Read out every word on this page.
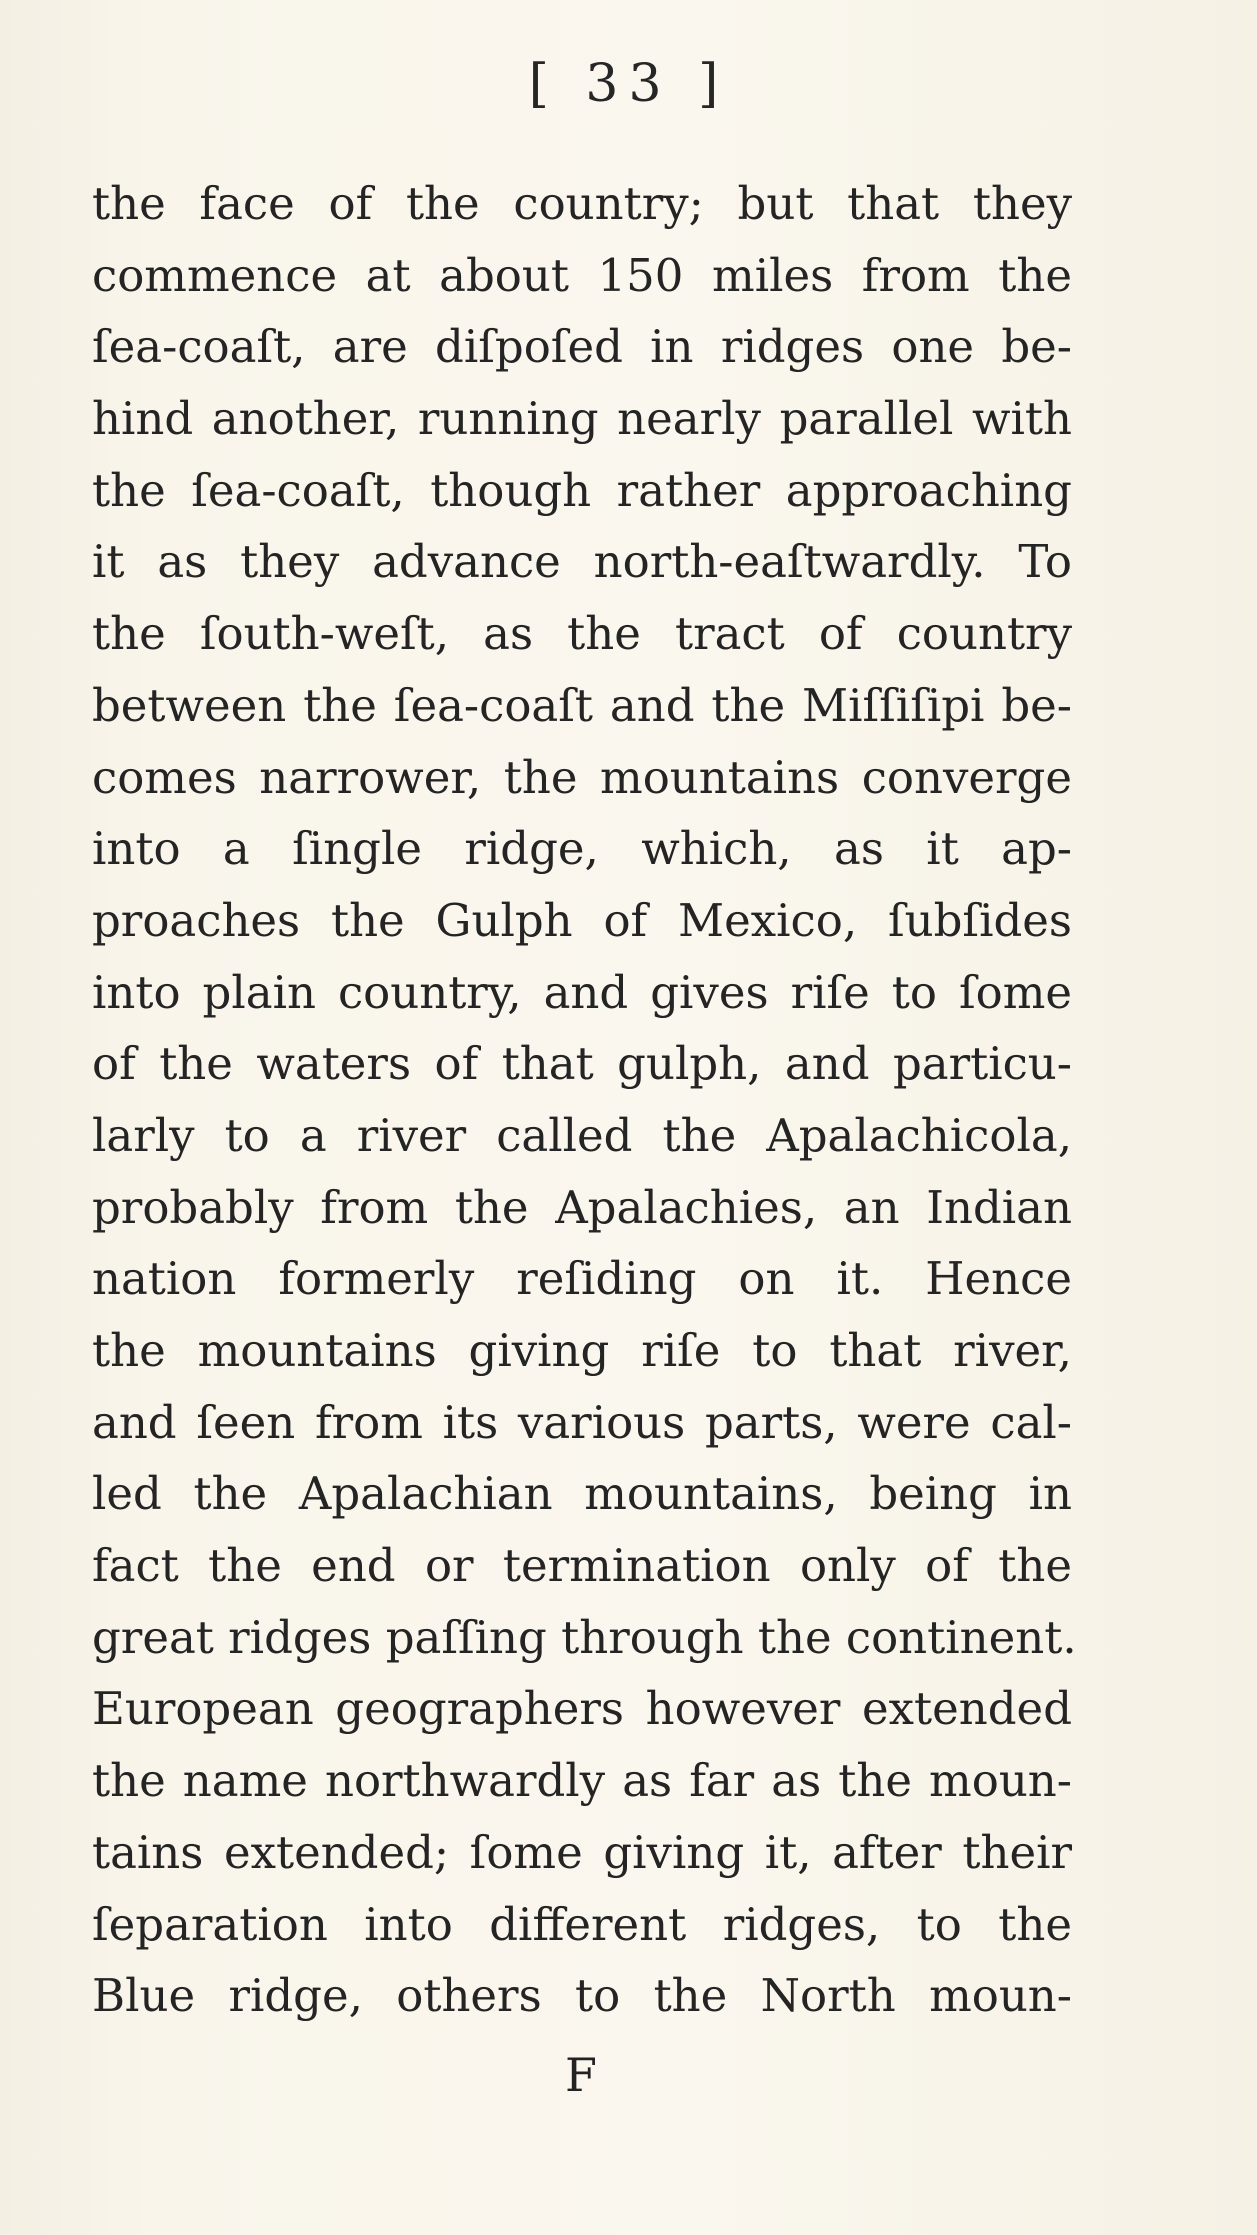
[ 33 ]
the face of the country; but that they
commence at about 150 miles from the
ſea-coaſt, are diſpoſed in ridges one be-
hind another, running nearly parallel with
the ſea-coaſt, though rather approaching
it as they advance north-eaſtwardly. To
the ſouth-weſt, as the tract of country
between the ſea-coaſt and the Miſſiſipi be-
comes narrower, the mountains converge
into a ſingle ridge, which, as it ap-
proaches the Gulph of Mexico, ſubſides
into plain country, and gives riſe to ſome
of the waters of that gulph, and particu-
larly to a river called the Apalachicola,
probably from the Apalachies, an Indian
nation formerly reſiding on it. Hence
the mountains giving riſe to that river,
and ſeen from its various parts, were cal-
led the Apalachian mountains, being in
fact the end or termination only of the
great ridges paſſing through the continent.
European geographers however extended
the name northwardly as far as the moun-
tains extended; ſome giving it, after their
ſeparation into different ridges, to the
Blue ridge, others to the North moun-
F
